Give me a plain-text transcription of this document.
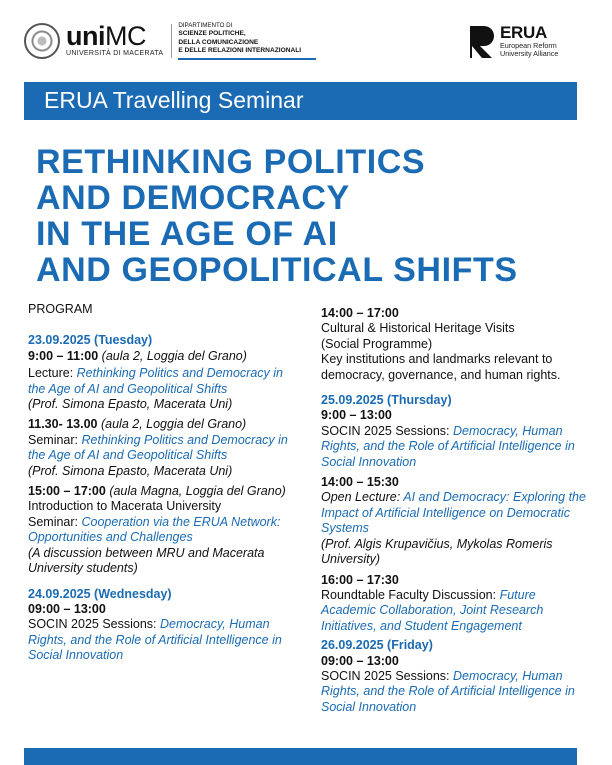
uniMC
UNIVERSITÀ DI MACERATA
DIPARTIMENTO DI
SCIENZE POLITICHE,
DELLA COMUNICAZIONE
E DELLE RELAZIONI INTERNAZIONALI
ERUA
European Reform
University Alliance
ERUA Travelling Seminar
RETHINKING POLITICS
AND DEMOCRACY
IN THE AGE OF AI
AND GEOPOLITICAL SHIFTS
PROGRAM
23.09.2025 (Tuesday)
9:00 – 11:00 (aula 2, Loggia del Grano)
Lecture: Rethinking Politics and Democracy in the Age of AI and Geopolitical Shifts
(Prof. Simona Epasto, Macerata Uni)
11.30- 13.00 (aula 2, Loggia del Grano)
Seminar: Rethinking Politics and Democracy in the Age of AI and Geopolitical Shifts
(Prof. Simona Epasto, Macerata Uni)
15:00 – 17:00 (aula Magna, Loggia del Grano)
Introduction to Macerata University
Seminar: Cooperation via the ERUA Network: Opportunities and Challenges
(A discussion between MRU and Macerata University students)
24.09.2025 (Wednesday)
09:00 – 13:00
SOCIN 2025 Sessions: Democracy, Human Rights, and the Role of Artificial Intelligence in Social Innovation
14:00 – 17:00
Cultural & Historical Heritage Visits
(Social Programme)
Key institutions and landmarks relevant to democracy, governance, and human rights.
25.09.2025 (Thursday)
9:00 – 13:00
SOCIN 2025 Sessions: Democracy, Human Rights, and the Role of Artificial Intelligence in Social Innovation
14:00 – 15:30
Open Lecture: AI and Democracy: Exploring the Impact of Artificial Intelligence on Democratic Systems
(Prof. Algis Krupavičius, Mykolas Romeris University)
16:00 – 17:30
Roundtable Faculty Discussion: Future Academic Collaboration, Joint Research Initiatives, and Student Engagement
26.09.2025 (Friday)
09:00 – 13:00
SOCIN 2025 Sessions: Democracy, Human Rights, and the Role of Artificial Intelligence in Social Innovation
